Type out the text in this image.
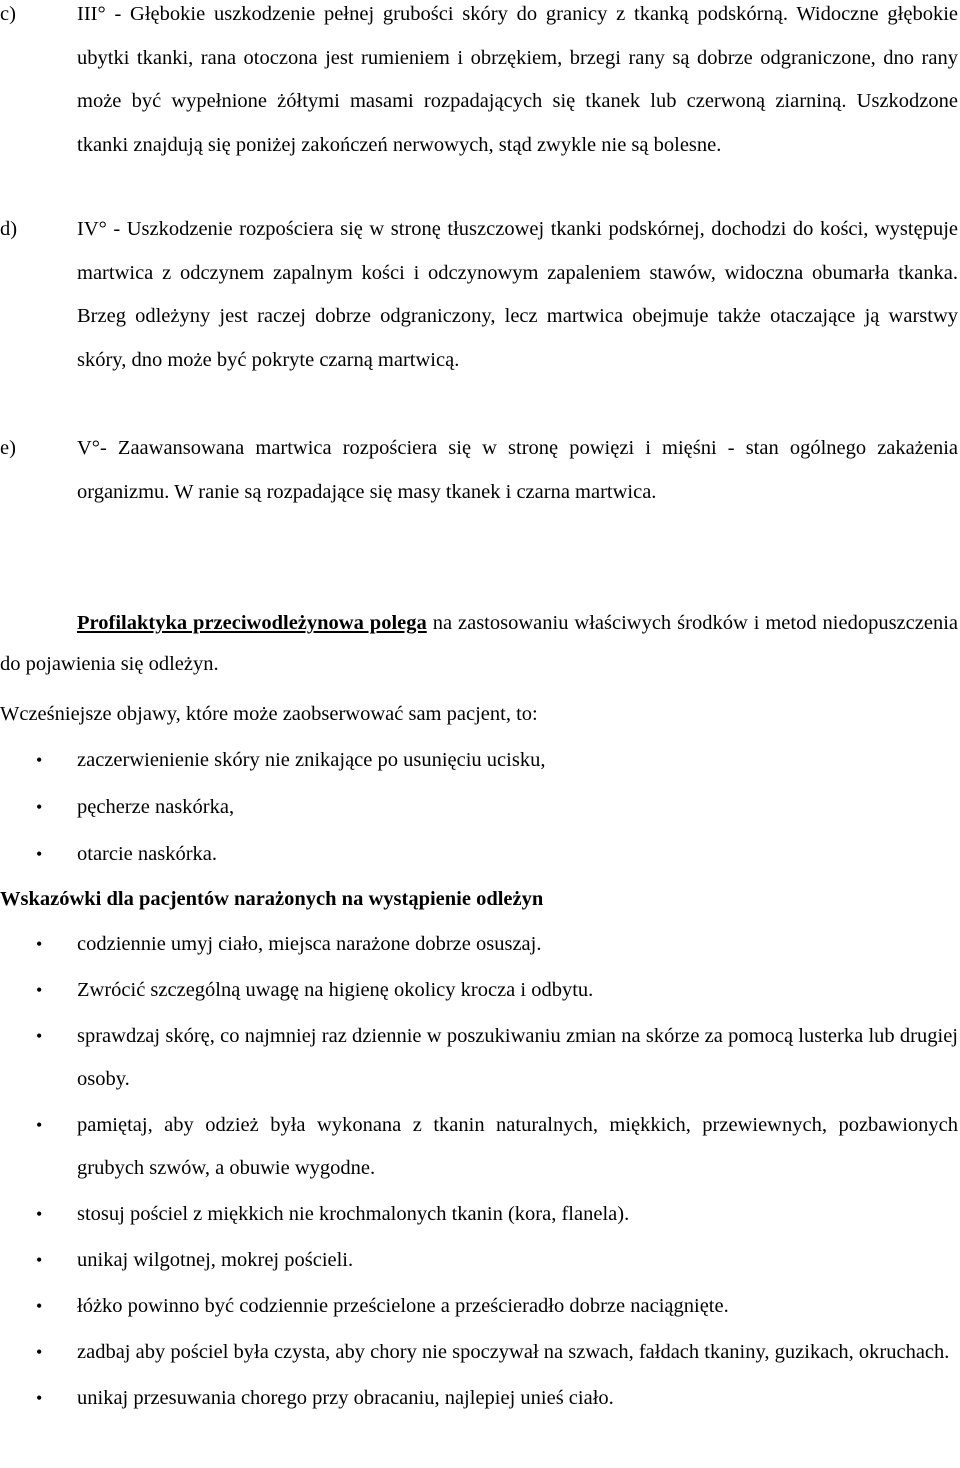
c)	III° - Głębokie uszkodzenie pełnej grubości skóry do granicy z tkanką podskórną. Widoczne głębokie ubytki tkanki, rana otoczona jest rumieniem i obrzękiem, brzegi rany są dobrze odgraniczone, dno rany może być wypełnione żółtymi masami rozpadających się tkanek lub czerwoną ziarniną. Uszkodzone tkanki znajdują się poniżej zakończeń nerwowych, stąd zwykle nie są bolesne.
d)	IV° - Uszkodzenie rozpościera się w stronę tłuszczowej tkanki podskórnej, dochodzi do kości, występuje martwica z odczynem zapalnym kości i odczynowym zapaleniem stawów, widoczna obumarła tkanka. Brzeg odleżyny jest raczej dobrze odgraniczony, lecz martwica obejmuje także otaczające ją warstwy skóry, dno może być pokryte czarną martwicą.
e)	V°- Zaawansowana martwica rozpościera się w stronę powięzi i mięśni - stan ogólnego zakażenia organizmu. W ranie są rozpadające się masy tkanek i czarna martwica.
Profilaktyka przeciwodleżynowa polega na zastosowaniu właściwych środków i metod niedopuszczenia do pojawienia się odleżyn.
Wcześniejsze objawy, które może zaobserwować sam pacjent, to:
• zaczerwienienie skóry nie znikające po usunięciu ucisku,
• pęcherze naskórka,
• otarcie naskórka.
Wskazówki dla pacjentów narażonych na wystąpienie odleżyn
• codziennie umyj ciało, miejsca narażone dobrze osuszaj.
• Zwrócić szczególną uwagę na higienę okolicy krocza i odbytu.
• sprawdzaj skórę, co najmniej raz dziennie w poszukiwaniu zmian na skórze za pomocą lusterka lub drugiej osoby.
• pamiętaj, aby odzież była wykonana z tkanin naturalnych, miękkich, przewiewnych, pozbawionych grubych szwów, a obuwie wygodne.
• stosuj pościel z miękkich nie krochmalonych tkanin (kora, flanela).
• unikaj wilgotnej, mokrej pościeli.
• łóżko powinno być codziennie prześcielone a prześcieradło dobrze naciągnięte.
• zadbaj aby pościel była czysta, aby chory nie spoczywał na szwach, fałdach tkaniny, guzikach, okruchach.
• unikaj przesuwania chorego przy obracaniu, najlepiej unieś ciało.
